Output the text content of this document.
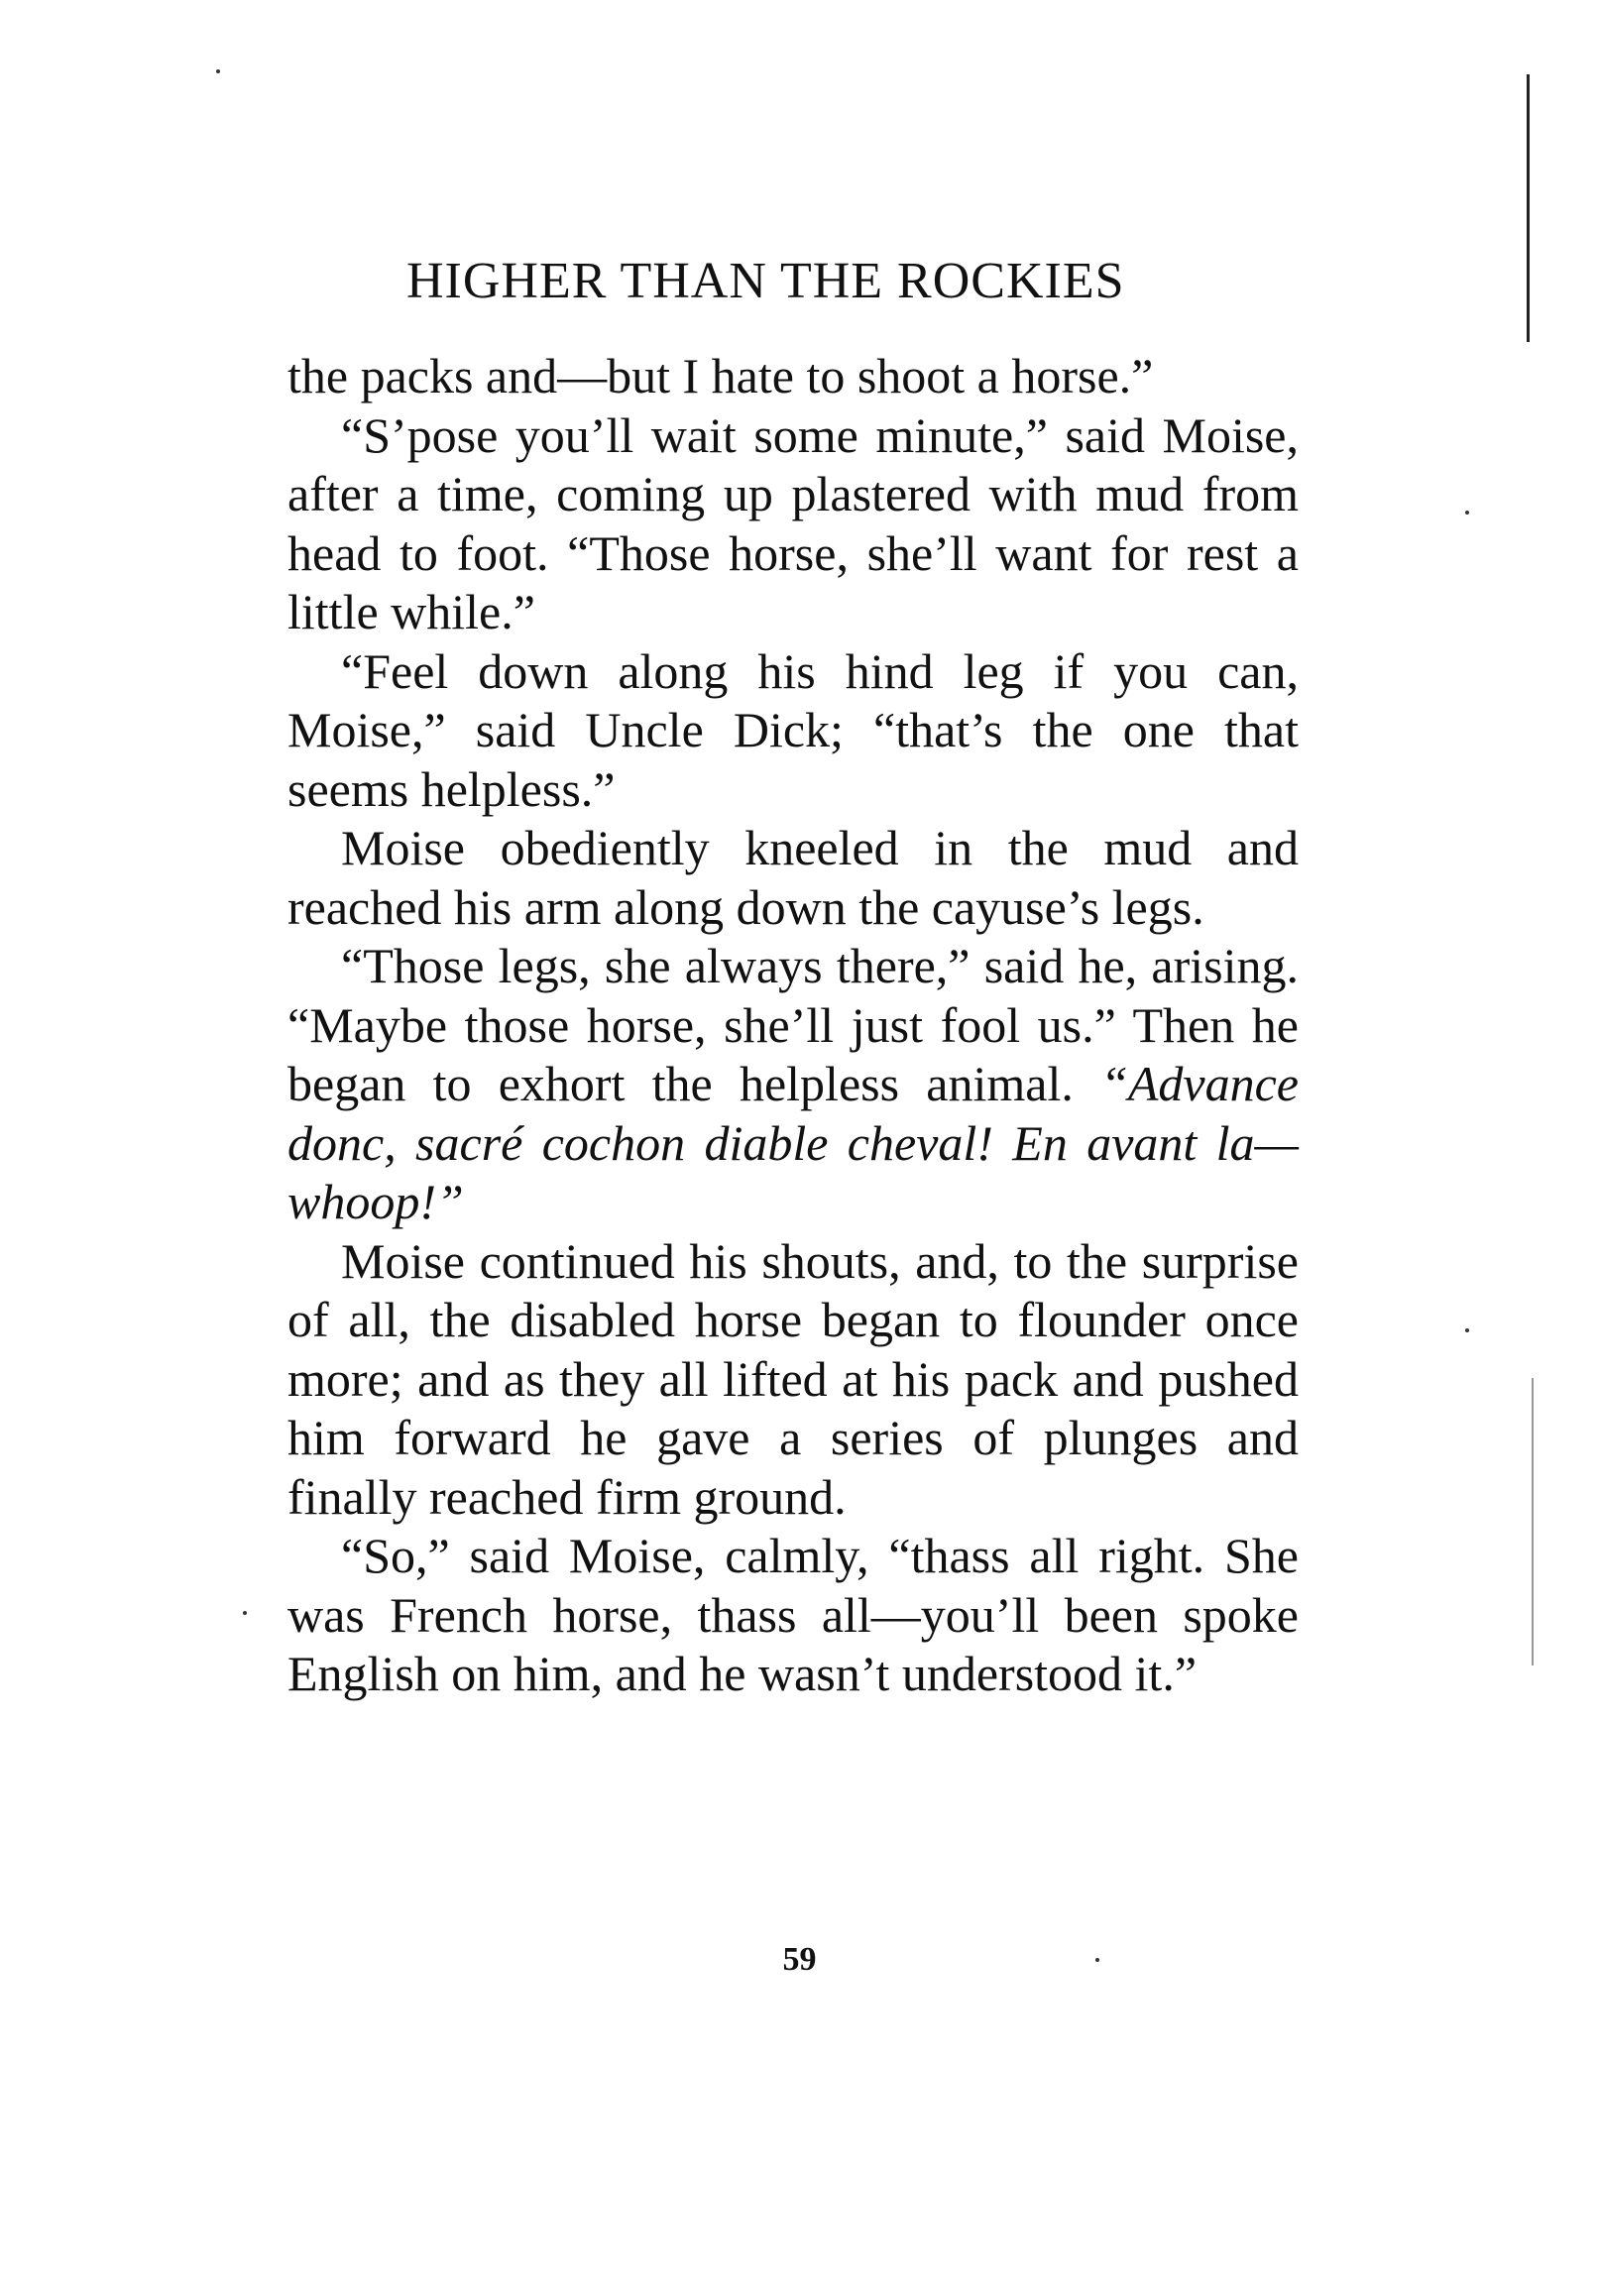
HIGHER THAN THE ROCKIES

the packs and—but I hate to shoot a horse.”

“S’pose you’ll wait some minute,” said Moise, after a time, coming up plastered with mud from head to foot. “Those horse, she’ll want for rest a little while.”

“Feel down along his hind leg if you can, Moise,” said Uncle Dick; “that’s the one that seems helpless.”

Moise obediently kneeled in the mud and reached his arm along down the cayuse’s legs.

“Those legs, she always there,” said he, arising. “Maybe those horse, she’ll just fool us.” Then he began to exhort the helpless animal. “Advance donc, sacré cochon diable cheval! En avant la—whoop!”

Moise continued his shouts, and, to the surprise of all, the disabled horse began to flounder once more; and as they all lifted at his pack and pushed him forward he gave a series of plunges and finally reached firm ground.

“So,” said Moise, calmly, “thass all right. She was French horse, thass all—you’ll been spoke English on him, and he wasn’t understood it.”

59
